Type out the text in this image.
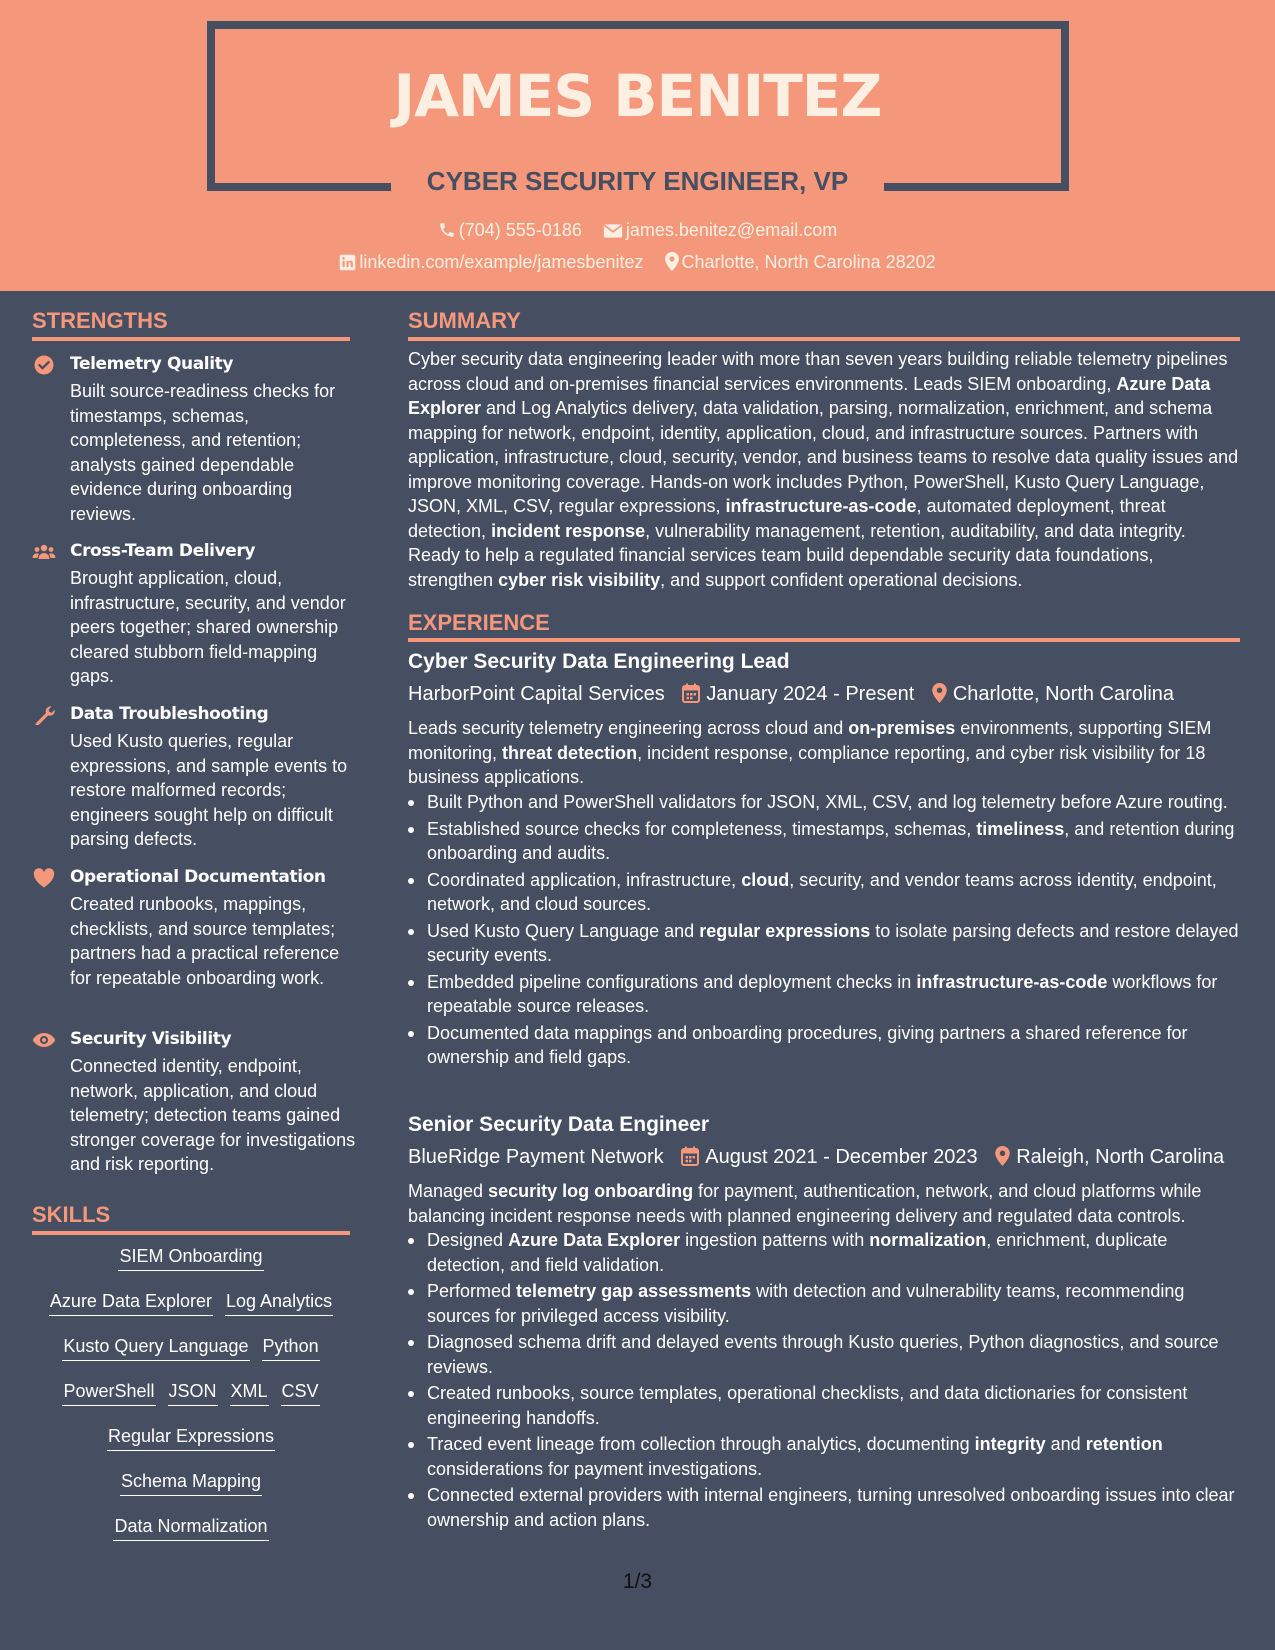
JAMES BENITEZ
CYBER SECURITY ENGINEER, VP
(704) 555-0186 james.benitez@email.com
linkedin.com/example/jamesbenitez Charlotte, North Carolina 28202
STRENGTHS
Telemetry Quality
Built source-readiness checks for timestamps, schemas, completeness, and retention; analysts gained dependable evidence during onboarding reviews.
Cross-Team Delivery
Brought application, cloud, infrastructure, security, and vendor peers together; shared ownership cleared stubborn field-mapping gaps.
Data Troubleshooting
Used Kusto queries, regular expressions, and sample events to restore malformed records; engineers sought help on difficult parsing defects.
Operational Documentation
Created runbooks, mappings, checklists, and source templates; partners had a practical reference for repeatable onboarding work.
Security Visibility
Connected identity, endpoint, network, application, and cloud telemetry; detection teams gained stronger coverage for investigations and risk reporting.
SKILLS
SIEM Onboarding
Azure Data Explorer Log Analytics
Kusto Query Language Python
PowerShell JSON XML CSV
Regular Expressions
Schema Mapping
Data Normalization
SUMMARY
Cyber security data engineering leader with more than seven years building reliable telemetry pipelines across cloud and on-premises financial services environments. Leads SIEM onboarding, Azure Data Explorer and Log Analytics delivery, data validation, parsing, normalization, enrichment, and schema mapping for network, endpoint, identity, application, cloud, and infrastructure sources. Partners with application, infrastructure, cloud, security, vendor, and business teams to resolve data quality issues and improve monitoring coverage. Hands-on work includes Python, PowerShell, Kusto Query Language, JSON, XML, CSV, regular expressions, infrastructure-as-code, automated deployment, threat detection, incident response, vulnerability management, retention, auditability, and data integrity. Ready to help a regulated financial services team build dependable security data foundations, strengthen cyber risk visibility, and support confident operational decisions.
EXPERIENCE
Cyber Security Data Engineering Lead
HarborPoint Capital Services January 2024 - Present Charlotte, North Carolina
Leads security telemetry engineering across cloud and on-premises environments, supporting SIEM monitoring, threat detection, incident response, compliance reporting, and cyber risk visibility for 18 business applications.
Built Python and PowerShell validators for JSON, XML, CSV, and log telemetry before Azure routing.
Established source checks for completeness, timestamps, schemas, timeliness, and retention during onboarding and audits.
Coordinated application, infrastructure, cloud, security, and vendor teams across identity, endpoint, network, and cloud sources.
Used Kusto Query Language and regular expressions to isolate parsing defects and restore delayed security events.
Embedded pipeline configurations and deployment checks in infrastructure-as-code workflows for repeatable source releases.
Documented data mappings and onboarding procedures, giving partners a shared reference for ownership and field gaps.
Senior Security Data Engineer
BlueRidge Payment Network August 2021 - December 2023 Raleigh, North Carolina
Managed security log onboarding for payment, authentication, network, and cloud platforms while balancing incident response needs with planned engineering delivery and regulated data controls.
Designed Azure Data Explorer ingestion patterns with normalization, enrichment, duplicate detection, and field validation.
Performed telemetry gap assessments with detection and vulnerability teams, recommending sources for privileged access visibility.
Diagnosed schema drift and delayed events through Kusto queries, Python diagnostics, and source reviews.
Created runbooks, source templates, operational checklists, and data dictionaries for consistent engineering handoffs.
Traced event lineage from collection through analytics, documenting integrity and retention considerations for payment investigations.
Connected external providers with internal engineers, turning unresolved onboarding issues into clear ownership and action plans.
1/3
